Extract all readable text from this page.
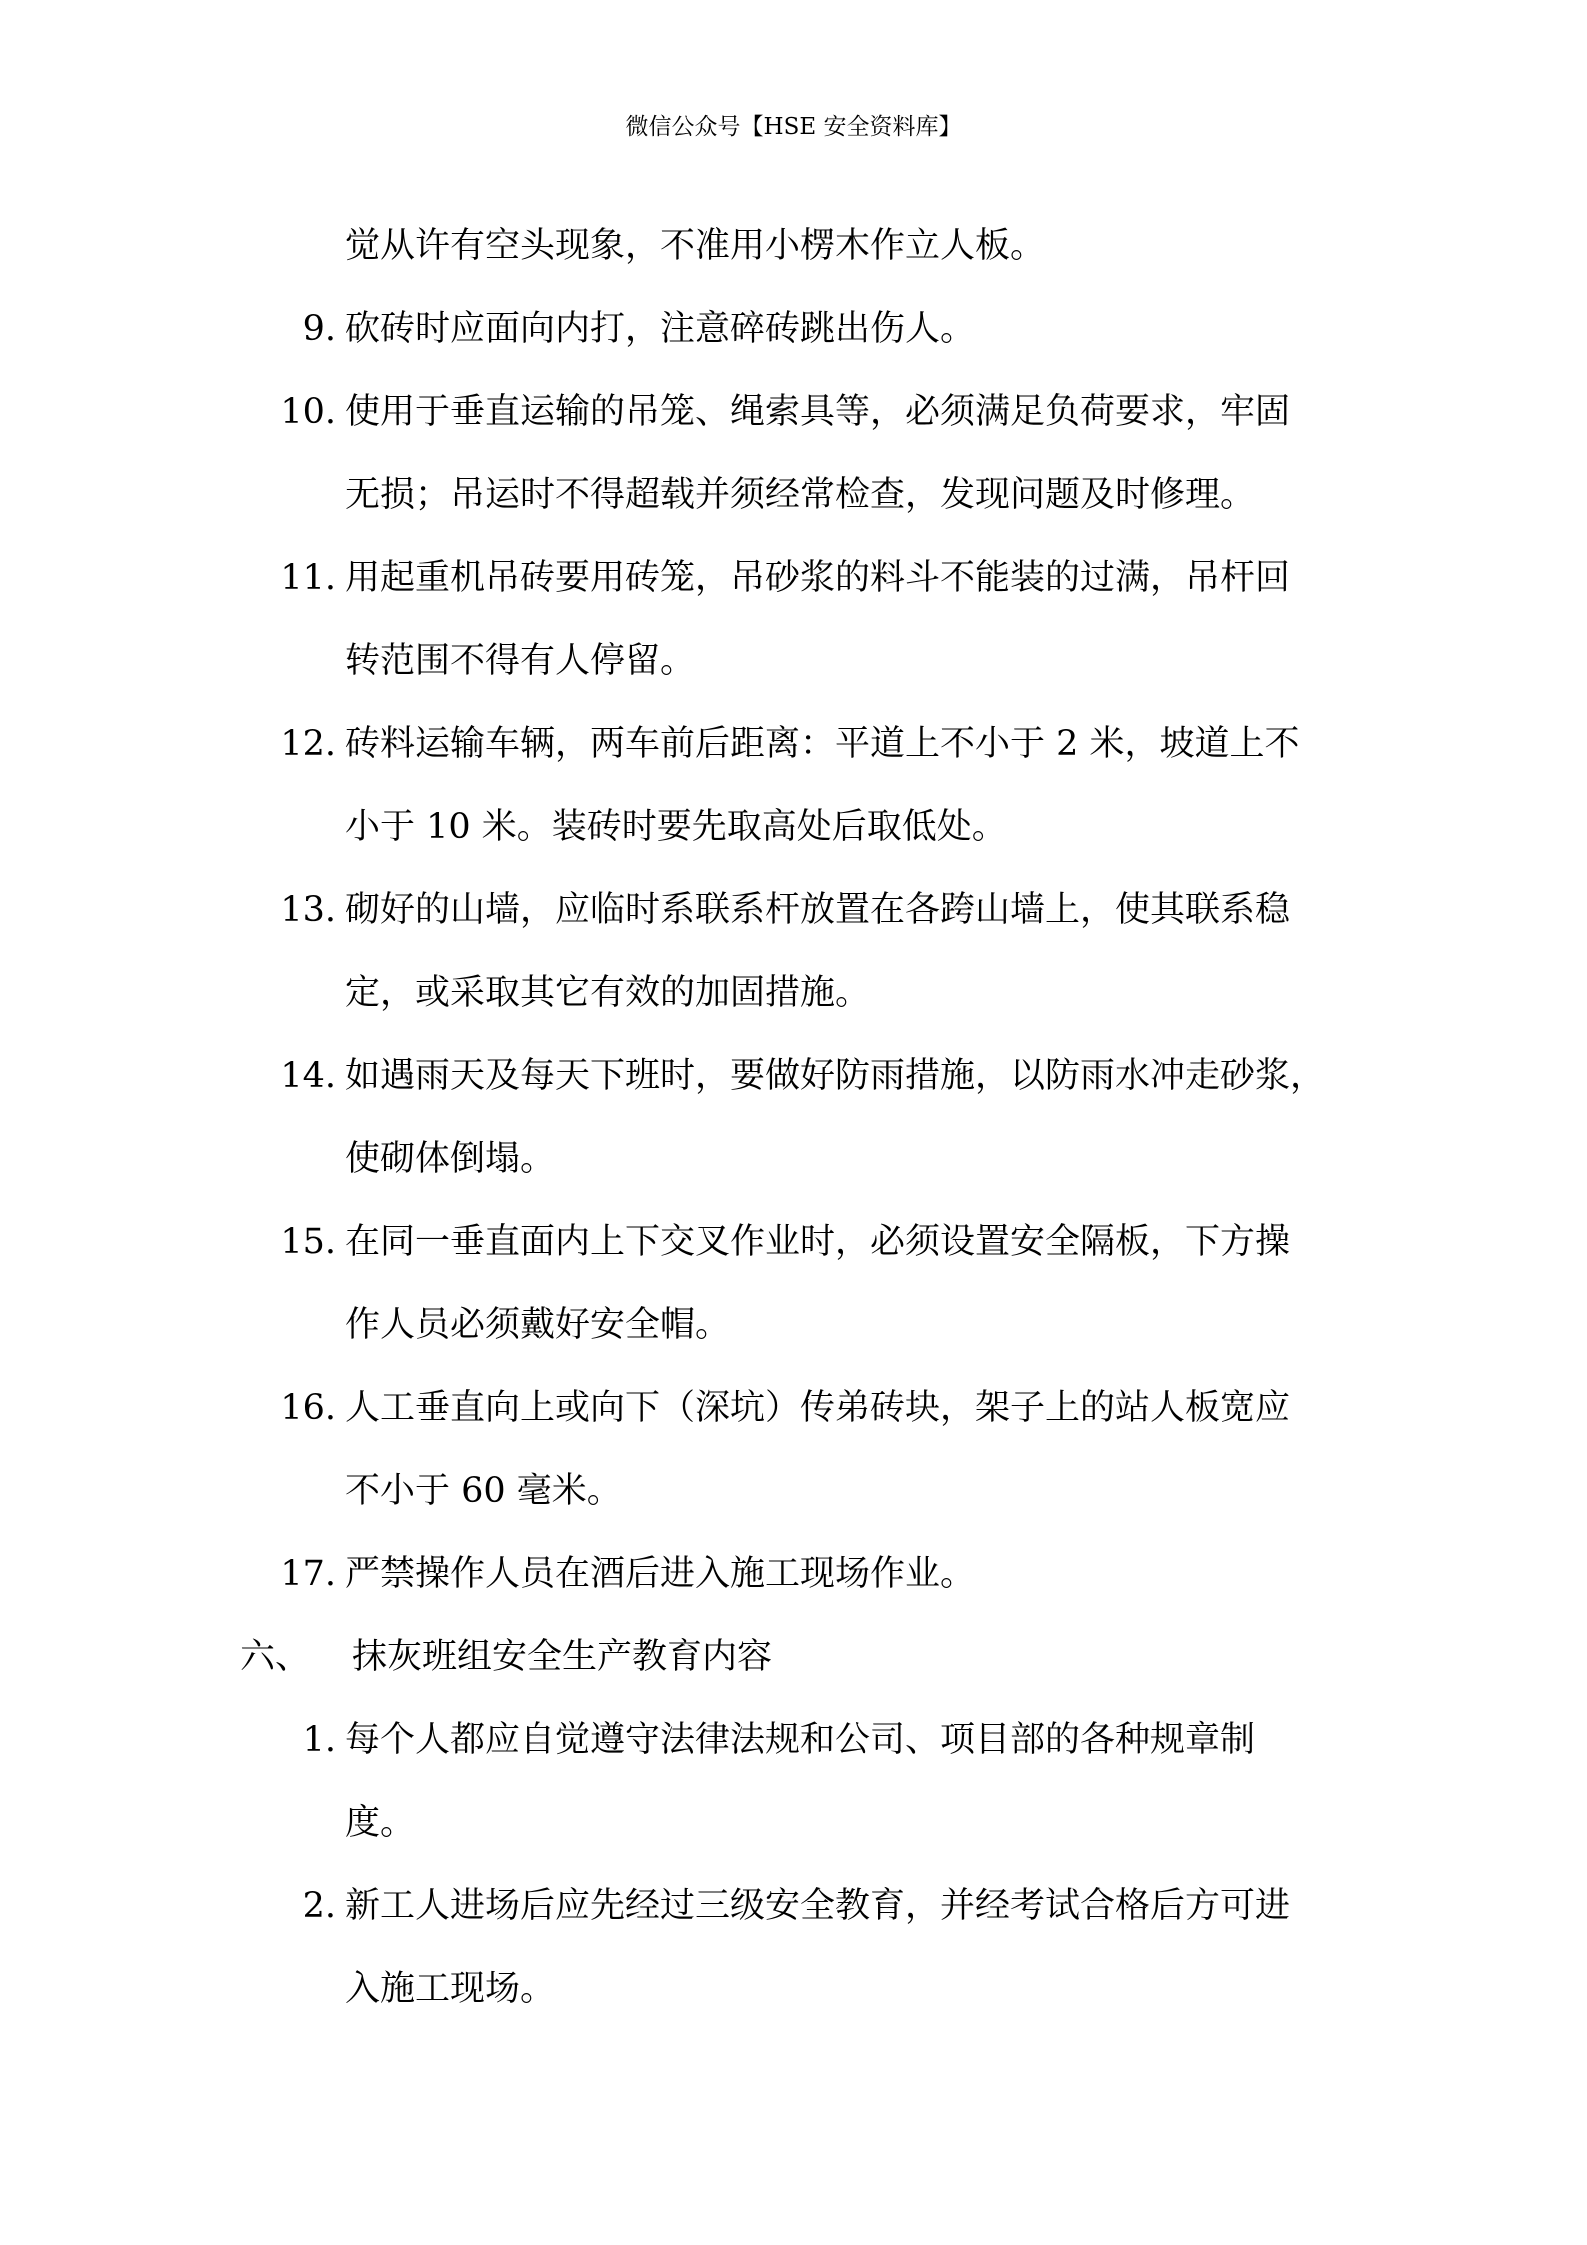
微信公众号【HSE 安全资料库】
觉从许有空头现象，不准用小楞木作立人板。
9. 砍砖时应面向内打，注意碎砖跳出伤人。
10. 使用于垂直运输的吊笼、绳索具等，必须满足负荷要求，牢固
无损；吊运时不得超载并须经常检查，发现问题及时修理。
11. 用起重机吊砖要用砖笼，吊砂浆的料斗不能装的过满，吊杆回
转范围不得有人停留。
12. 砖料运输车辆，两车前后距离：平道上不小于 2 米，坡道上不
小于 10 米。装砖时要先取高处后取低处。
13. 砌好的山墙，应临时系联系杆放置在各跨山墙上，使其联系稳
定，或采取其它有效的加固措施。
14. 如遇雨天及每天下班时，要做好防雨措施，以防雨水冲走砂浆，
使砌体倒塌。
15. 在同一垂直面内上下交叉作业时，必须设置安全隔板，下方操
作人员必须戴好安全帽。
16. 人工垂直向上或向下（深坑）传弟砖块，架子上的站人板宽应
不小于 60 毫米。
17. 严禁操作人员在酒后进入施工现场作业。
六、 抹灰班组安全生产教育内容

1. 每个人都应自觉遵守法律法规和公司、项目部的各种规章制
度。
2. 新工人进场后应先经过三级安全教育，并经考试合格后方可进
入施工现场。
